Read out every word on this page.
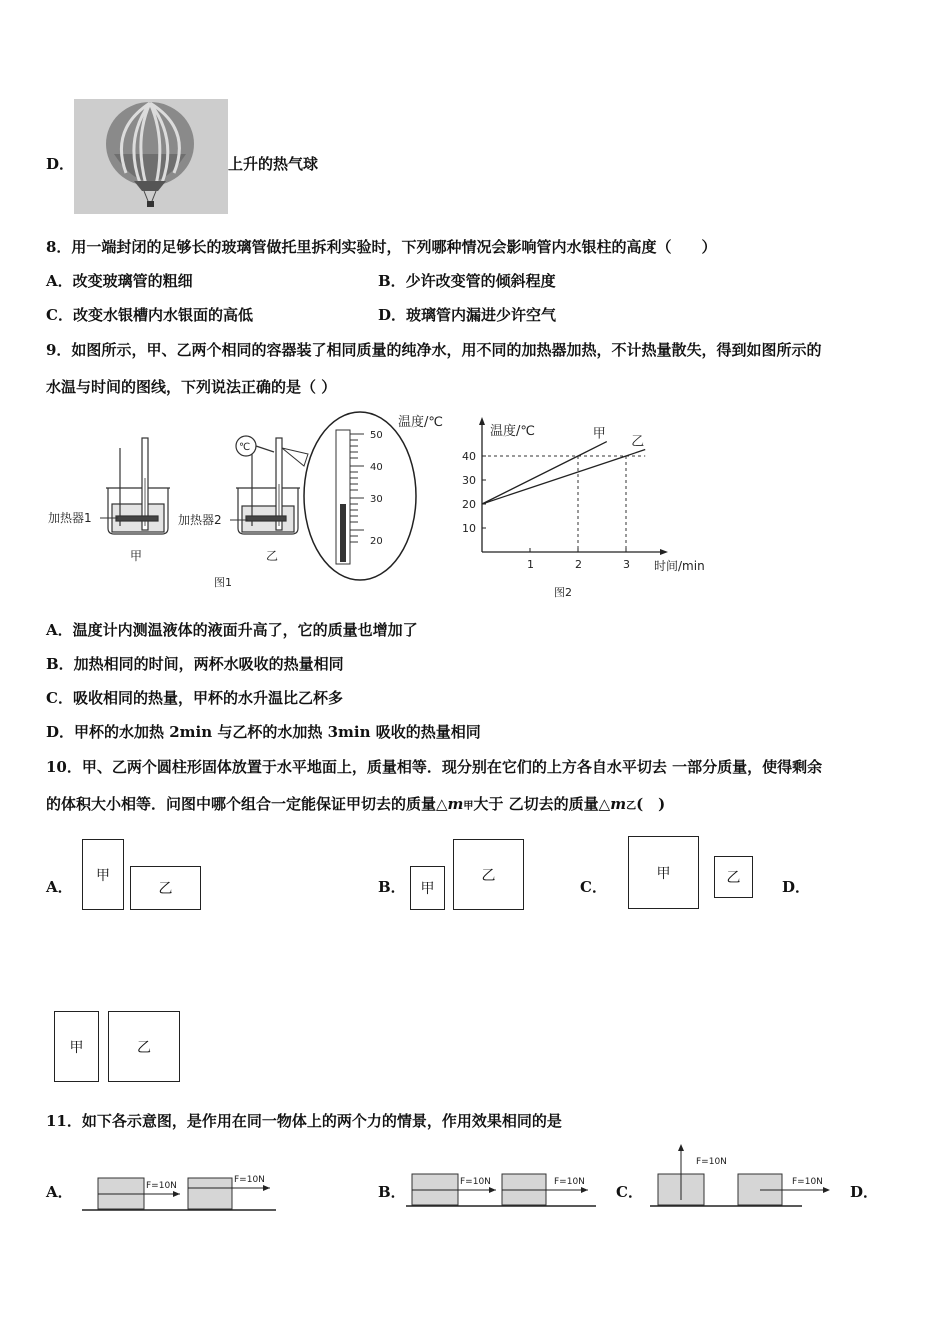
D．	上升的热气球
8．用一端封闭的足够长的玻璃管做托里拆利实验时，下列哪种情况会影响管内水银柱的高度（　　）
A．改变玻璃管的粗细	B．少许改变管的倾斜程度
C．改变水银槽内水银面的高低	D．玻璃管内漏进少许空气
9．如图所示，甲、乙两个相同的容器装了相同质量的纯净水，用不同的加热器加热，不计热量散失，得到如图所示的
水温与时间的图线，下列说法正确的是（ ）
加热器1
甲
℃
加热器2
乙
50
40
30
20
温度/℃
图1
1	2	3
10
20
30
40
温度/℃
时间/min
甲
乙
图2
A．温度计内测温液体的液面升高了，它的质量也增加了
B．加热相同的时间，两杯水吸收的热量相同
C．吸收相同的热量，甲杯的水升温比乙杯多
D．甲杯的水加热 2min 与乙杯的水加热 3min 吸收的热量相同
10．甲、乙两个圆柱形固体放置于水平地面上，质量相等．现分别在它们的上方各自水平切去 一部分质量，使得剩余
的体积大小相等．问图中哪个组合一定能保证甲切去的质量△m甲大于 乙切去的质量△m乙(　)
A．
甲
乙	B．	甲
乙
C．
甲	乙	D．
甲	乙
11．如下各示意图，是作用在同一物体上的两个力的情景，作用效果相同的是
A．	F=10N
F=10N
B．
F=10N	F=10N
C．
F=10N
F=10N
D．
